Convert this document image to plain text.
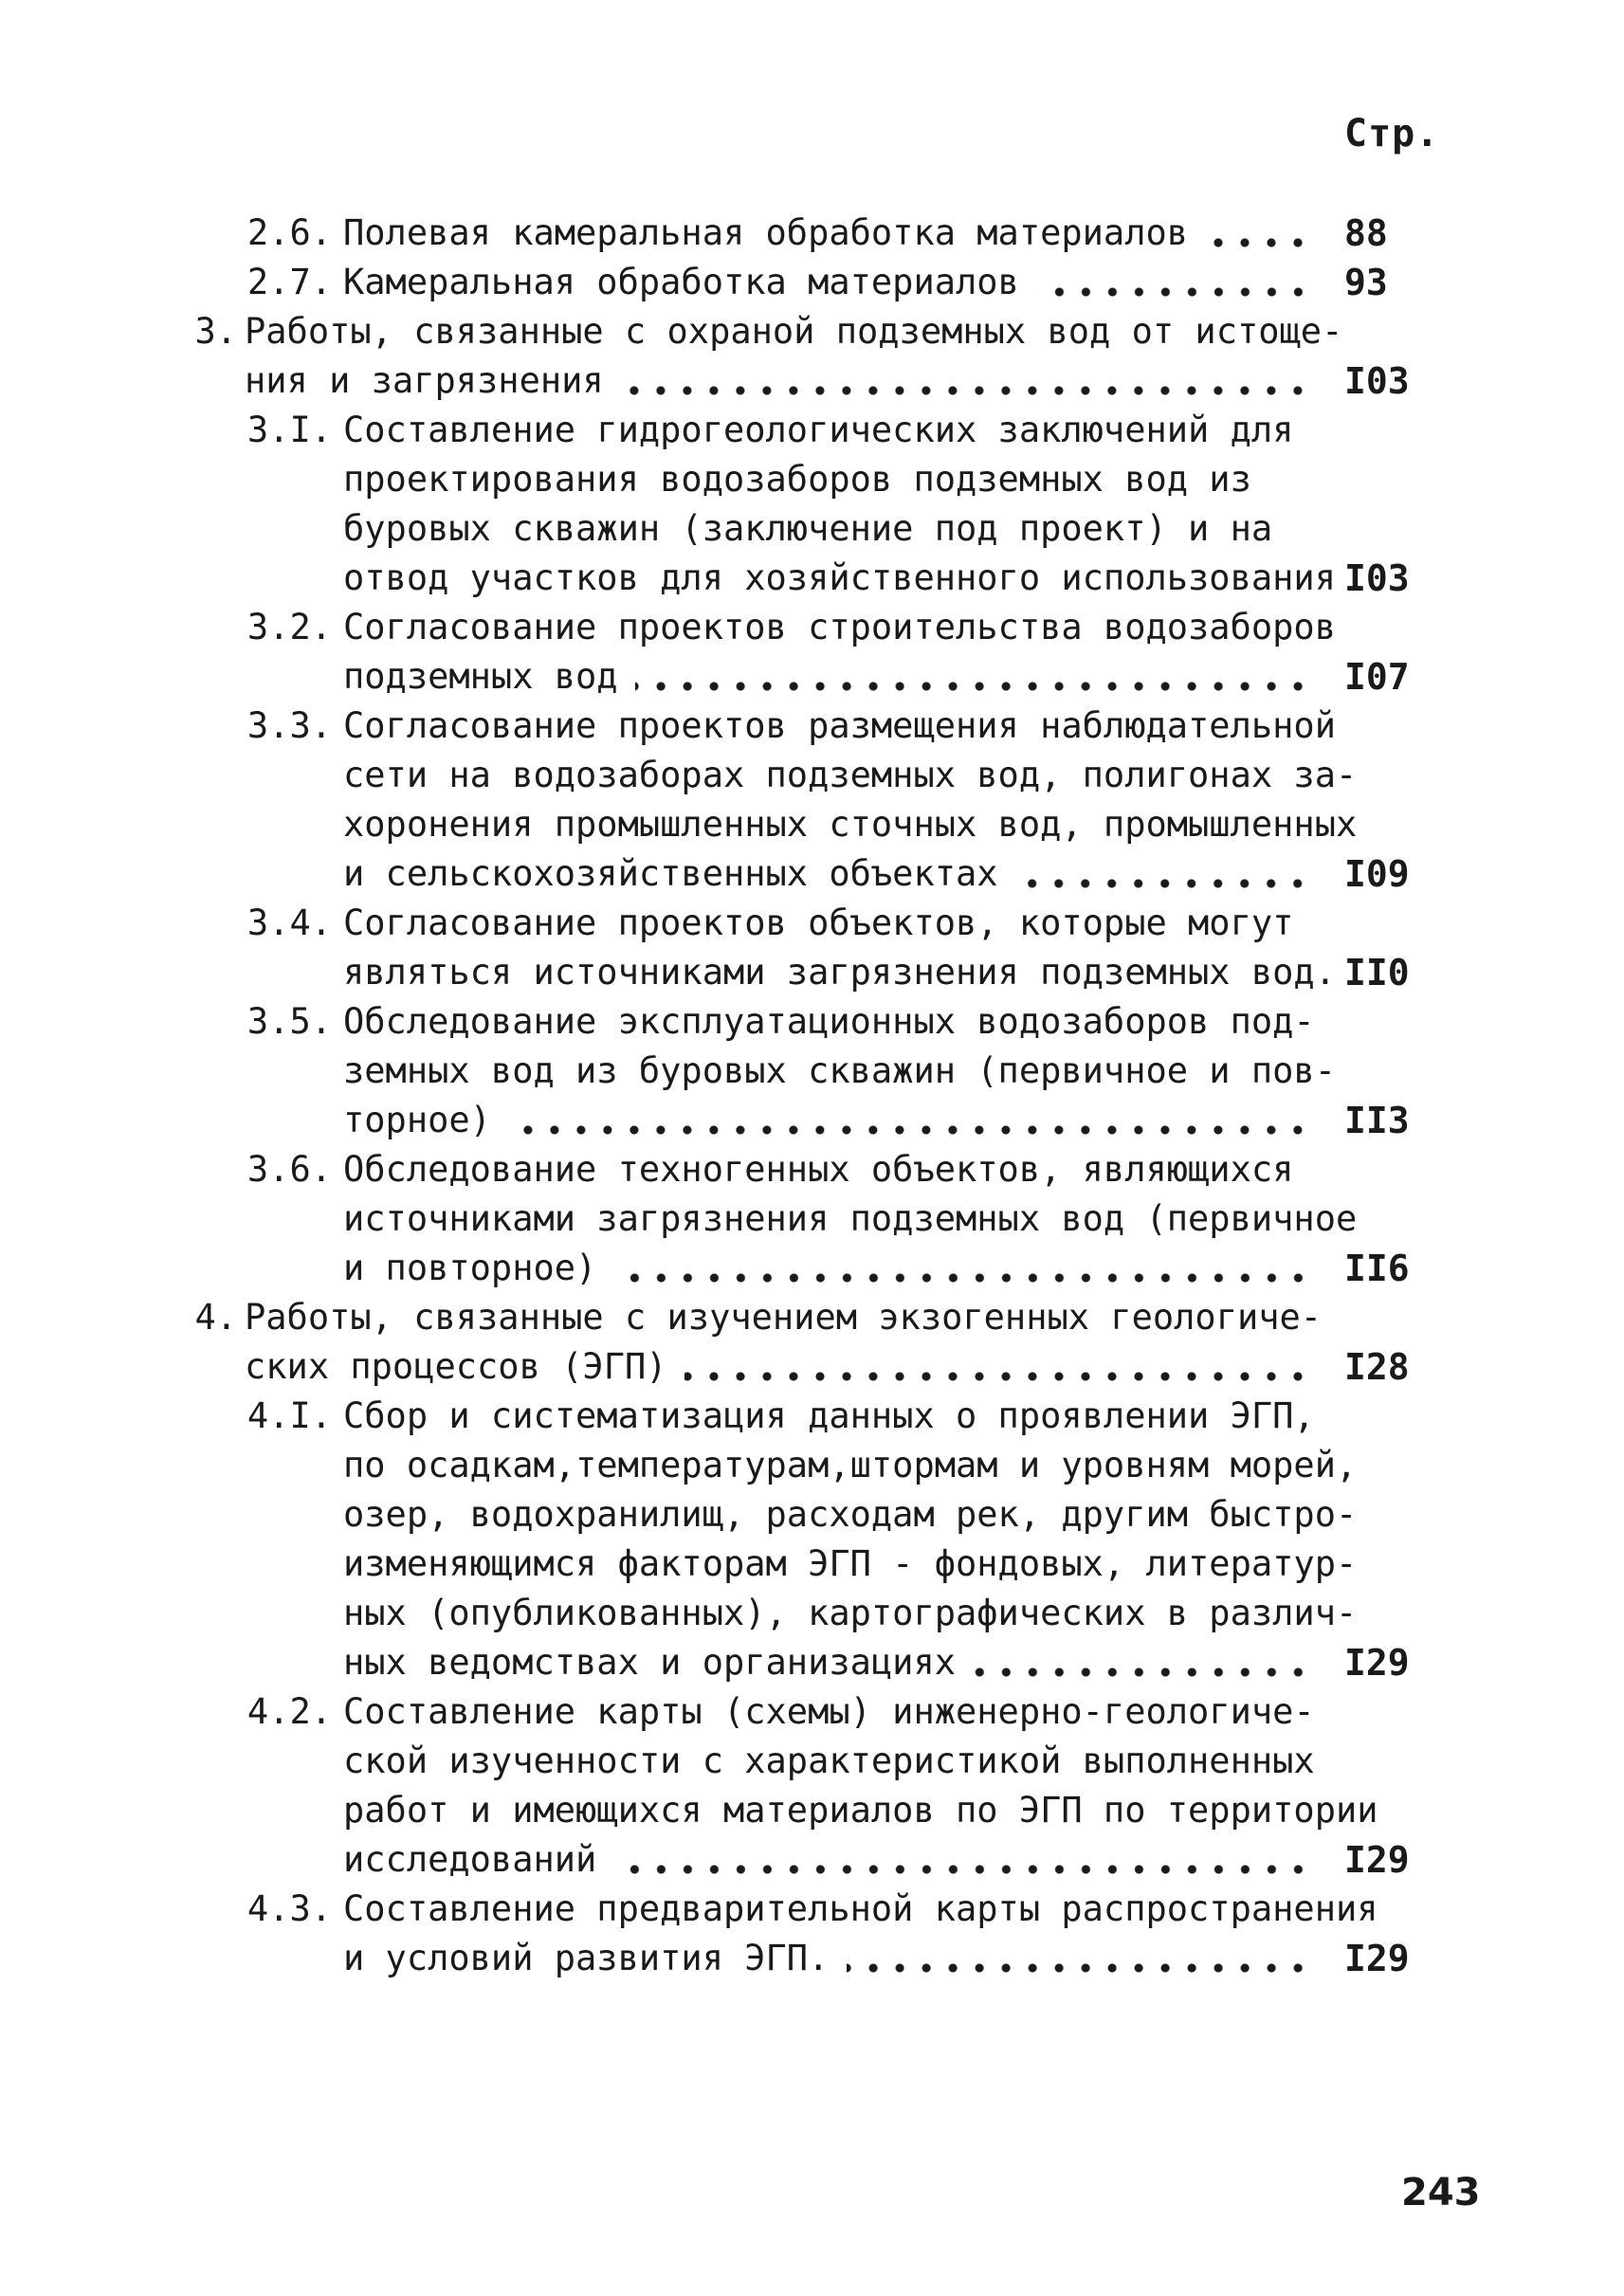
Стр.
2.6. Полевая камеральная обработка материалов	88
2.7. Камеральная обработка материалов	93
3. Работы, связанные с охраной подземных вод от истоще-
ния и загрязнения	I03
3.I. Составление гидрогеологических заключений для
проектирования водозаборов подземных вод из
буровых скважин (заключение под проект) и на
отвод участков для хозяйственного использования I03
3.2. Согласование проектов строительства водозаборов
подземных вод	I07
3.3. Согласование проектов размещения наблюдательной
сети на водозаборах подземных вод, полигонах за-
хоронения промышленных сточных вод, промышленных
и сельскохозяйственных объектах	I09
3.4. Согласование проектов объектов, которые могут
являться источниками загрязнения подземных вод. II0
3.5. Обследование эксплуатационных водозаборов под-
земных вод из буровых скважин (первичное и пов-
торное)	II3
3.6. Обследование техногенных объектов, являющихся
источниками загрязнения подземных вод (первичное
и повторное)	II6
4. Работы, связанные с изучением экзогенных геологиче-
ских процессов (ЭГП)	I28
4.I. Сбор и систематизация данных о проявлении ЭГП,
по осадкам,температурам,штормам и уровням морей,
озер, водохранилищ, расходам рек, другим быстро-
изменяющимся факторам ЭГП - фондовых, литератур-
ных (опубликованных), картографических в различ-
ных ведомствах и организациях	I29
4.2. Составление карты (схемы) инженерно-геологиче-
ской изученности с характеристикой выполненных
работ и имеющихся материалов по ЭГП по территории
исследований	I29
4.3. Составление предварительной карты распространения
и условий развития ЭГП.	I29
243
